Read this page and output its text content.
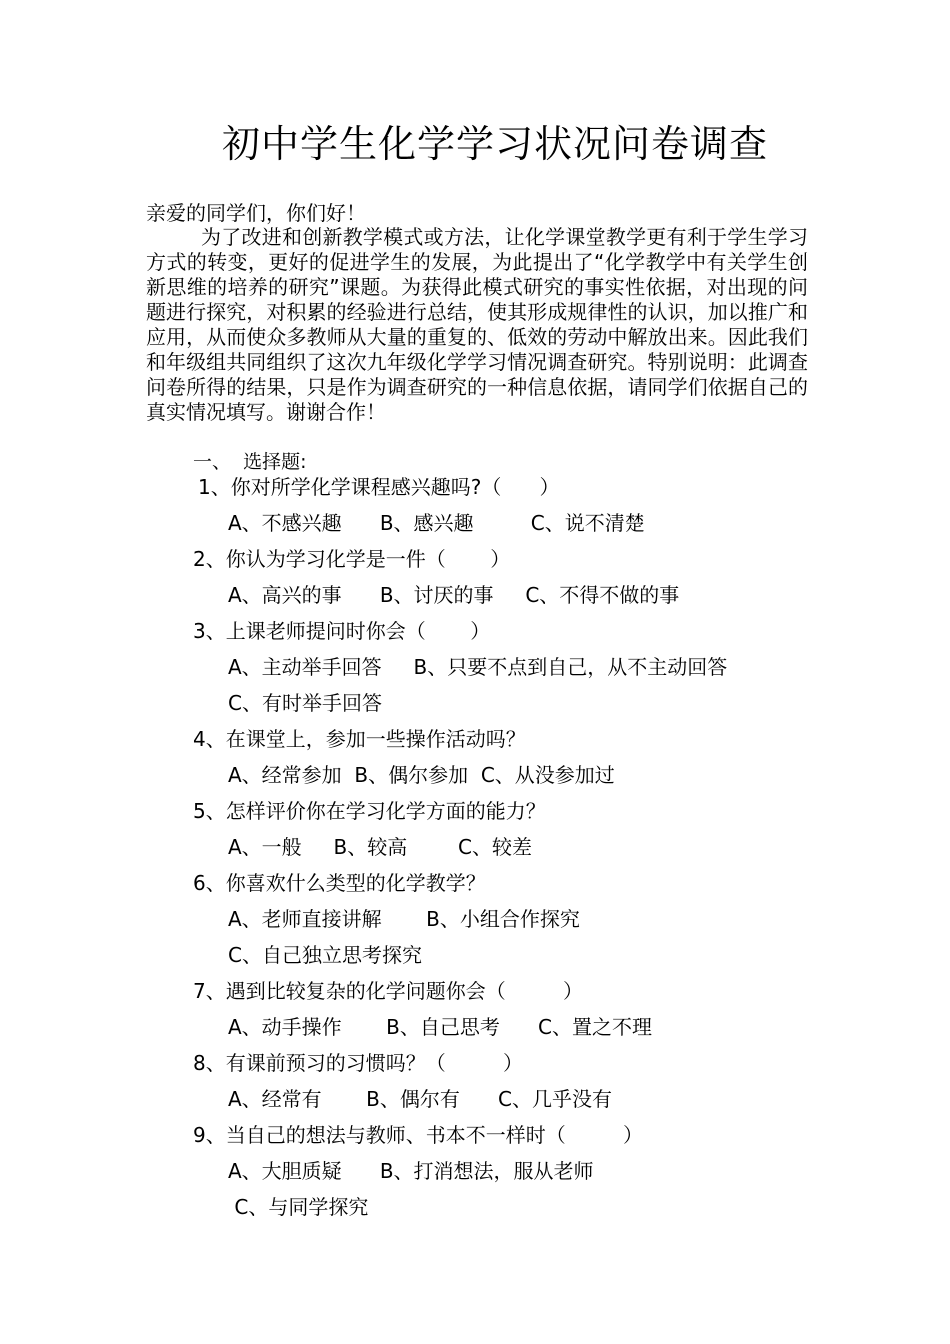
初中学生化学学习状况问卷调查
亲爱的同学们，你们好！

为了改进和创新教学模式或方法，让化学课堂教学更有利于学生学习方式的转变，更好的促进学生的发展，为此提出了“化学教学中有关学生创新思维的培养的研究”课题。为获得此模式研究的事实性依据，对出现的问题进行探究，对积累的经验进行总结，使其形成规律性的认识，加以推广和应用，从而使众多教师从大量的重复的、低效的劳动中解放出来。因此我们和年级组共同组织了这次九年级化学学习情况调查研究。特别说明：此调查问卷所得的结果，只是作为调查研究的一种信息依据，请同学们依据自己的真实情况填写。谢谢合作！

一、  选择题:
1、你对所学化学课程感兴趣吗?（      ）
A、不感兴趣      B、感兴趣         C、说不清楚
2、你认为学习化学是一件（       ）
A、高兴的事      B、讨厌的事     C、不得不做的事
3、上课老师提问时你会（       ）
A、主动举手回答     B、只要不点到自己，从不主动回答
C、有时举手回答
4、在课堂上，参加一些操作活动吗？
A、经常参加  B、偶尔参加  C、从没参加过
5、怎样评价你在学习化学方面的能力？
A、一般     B、较高        C、较差
6、你喜欢什么类型的化学教学？
A、老师直接讲解       B、小组合作探究
C、自己独立思考探究
7、遇到比较复杂的化学问题你会（         ）
A、动手操作       B、自己思考      C、置之不理
8、有课前预习的习惯吗？（         ）
A、经常有       B、偶尔有      C、几乎没有
9、当自己的想法与教师、书本不一样时（         ）
A、大胆质疑      B、打消想法，服从老师
C、与同学探究
